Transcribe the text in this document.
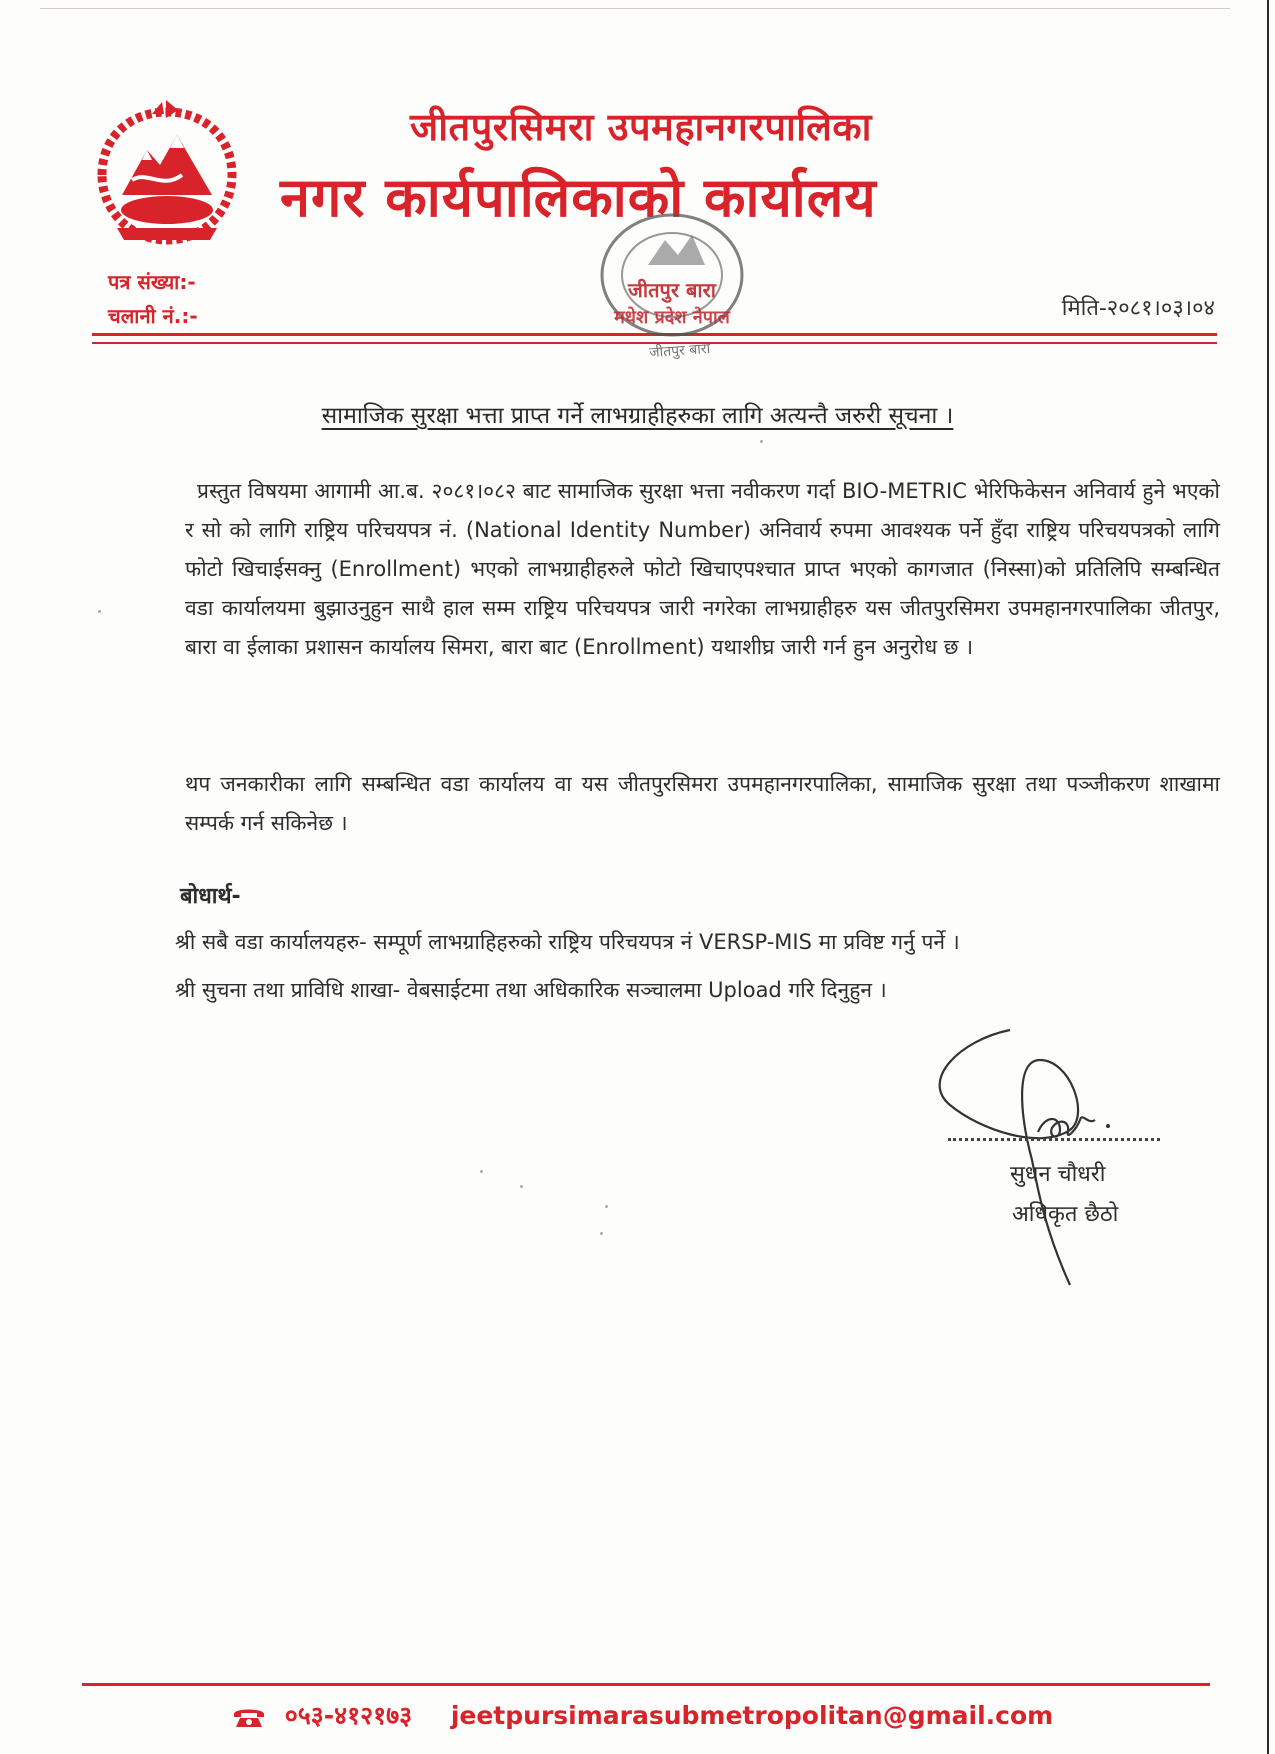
जीतपुरसिमरा उपमहानगरपालिका
नगर कार्यपालिकाको कार्यालय
पत्र संख्या:-
चलानी नं.:-	मिति-२०८१।०३।०४
जीतपुर बारा
मधेश प्रदेश नेपाल
जीतपुर बारा
सामाजिक सुरक्षा भत्ता प्राप्त गर्ने लाभग्राहीहरुका लागि अत्यन्तै जरुरी सूचना ।
प्रस्तुत विषयमा आगामी आ.ब. २०८१।०८२ बाट सामाजिक सुरक्षा भत्ता नवीकरण गर्दा BIO-METRIC भेरिफिकेसन अनिवार्य हुने भएको र सो को लागि राष्ट्रिय परिचयपत्र नं. (National Identity Number) अनिवार्य रुपमा आवश्यक पर्ने हुँदा राष्ट्रिय परिचयपत्रको लागि फोटो खिचाईसक्नु (Enrollment) भएको लाभग्राहीहरुले फोटो खिचाएपश्चात प्राप्त भएको कागजात (निस्सा)को प्रतिलिपि सम्बन्धित वडा कार्यालयमा बुझाउनुहुन साथै हाल सम्म राष्ट्रिय परिचयपत्र जारी नगरेका लाभग्राहीहरु यस जीतपुरसिमरा उपमहानगरपालिका जीतपुर, बारा वा ईलाका प्रशासन कार्यालय सिमरा, बारा बाट (Enrollment) यथाशीघ्र जारी गर्न हुन अनुरोध छ ।
थप जनकारीका लागि सम्बन्धित वडा कार्यालय वा यस जीतपुरसिमरा उपमहानगरपालिका, सामाजिक सुरक्षा तथा पञ्जीकरण शाखामा सम्पर्क गर्न सकिनेछ ।
बोधार्थ-
श्री सबै वडा कार्यालयहरु- सम्पूर्ण लाभग्राहिहरुको राष्ट्रिय परिचयपत्र नं VERSP-MIS मा प्रविष्ट गर्नु पर्ने ।
श्री सुचना तथा प्राविधि शाखा- वेबसाईटमा तथा अधिकारिक सञ्चालमा Upload गरि दिनुहुन ।
सुधन चौधरी
अधिकृत छैठो
०५३-४१२१७३ jeetpursimarasubmetropolitan@gmail.com
